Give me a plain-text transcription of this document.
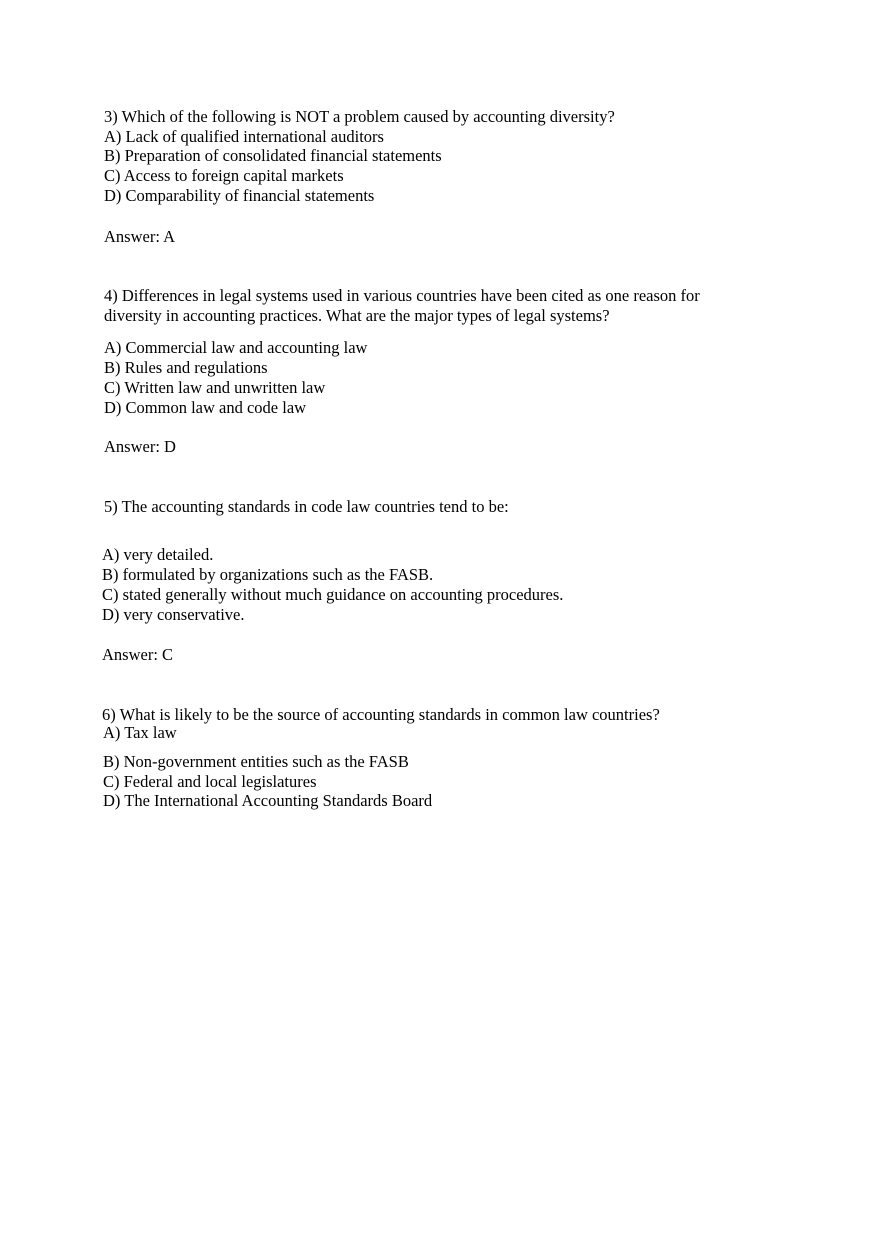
3) Which of the following is NOT a problem caused by accounting diversity?
A) Lack of qualified international auditors
B) Preparation of consolidated financial statements
C) Access to foreign capital markets
D) Comparability of financial statements
Answer: A
4) Differences in legal systems used in various countries have been cited as one reason for
diversity in accounting practices. What are the major types of legal systems?
A) Commercial law and accounting law
B) Rules and regulations
C) Written law and unwritten law
D) Common law and code law
Answer: D
5) The accounting standards in code law countries tend to be:
A) very detailed.
B) formulated by organizations such as the FASB.
C) stated generally without much guidance on accounting procedures.
D) very conservative.
Answer: C
6) What is likely to be the source of accounting standards in common law countries?
A) Tax law
B) Non-government entities such as the FASB
C) Federal and local legislatures
D) The International Accounting Standards Board
